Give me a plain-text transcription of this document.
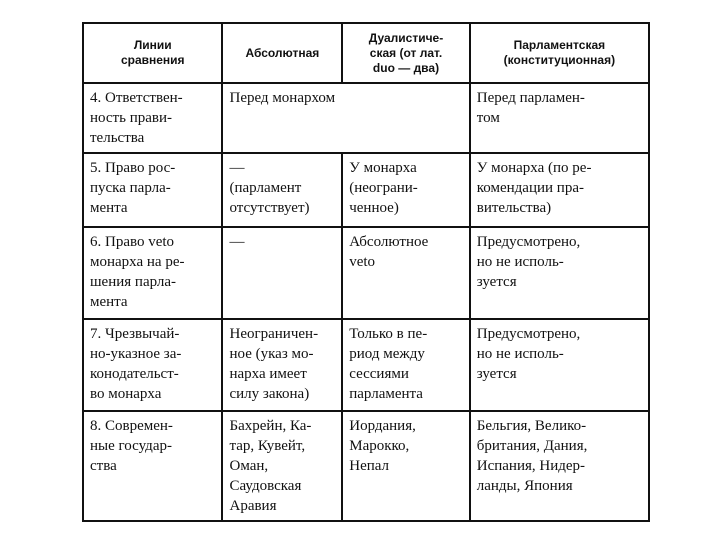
Линии
сравнения	Абсолютная	Дуалистиче-
ская (от лат.
duo — два)	Парламентская
(конституционная)
4. Ответствен-
ность прави-
тельства	Перед монархом		Перед парламен-
том
5. Право рос-
пуска парла-
мента	—
(парламент
отсутствует)	У монарха
(неограни-
ченное)	У монарха (по ре-
комендации пра-
вительства)
6. Право veto
монарха на ре-
шения парла-
мента	—	Абсолютное
veto	Предусмотрено,
но не исполь-
зуется
7. Чрезвычай-
но-указное за-
конодательст-
во монарха	Неограничен-
ное (указ мо-
нарха имеет
силу закона)	Только в пе-
риод между
сессиями
парламента	Предусмотрено,
но не исполь-
зуется
8. Современ-
ные государ-
ства	Бахрейн, Ка-
тар, Кувейт,
Оман,
Саудовская
Аравия	Иордания,
Марокко,
Непал	Бельгия, Велико-
британия, Дания,
Испания, Нидер-
ланды, Япония
